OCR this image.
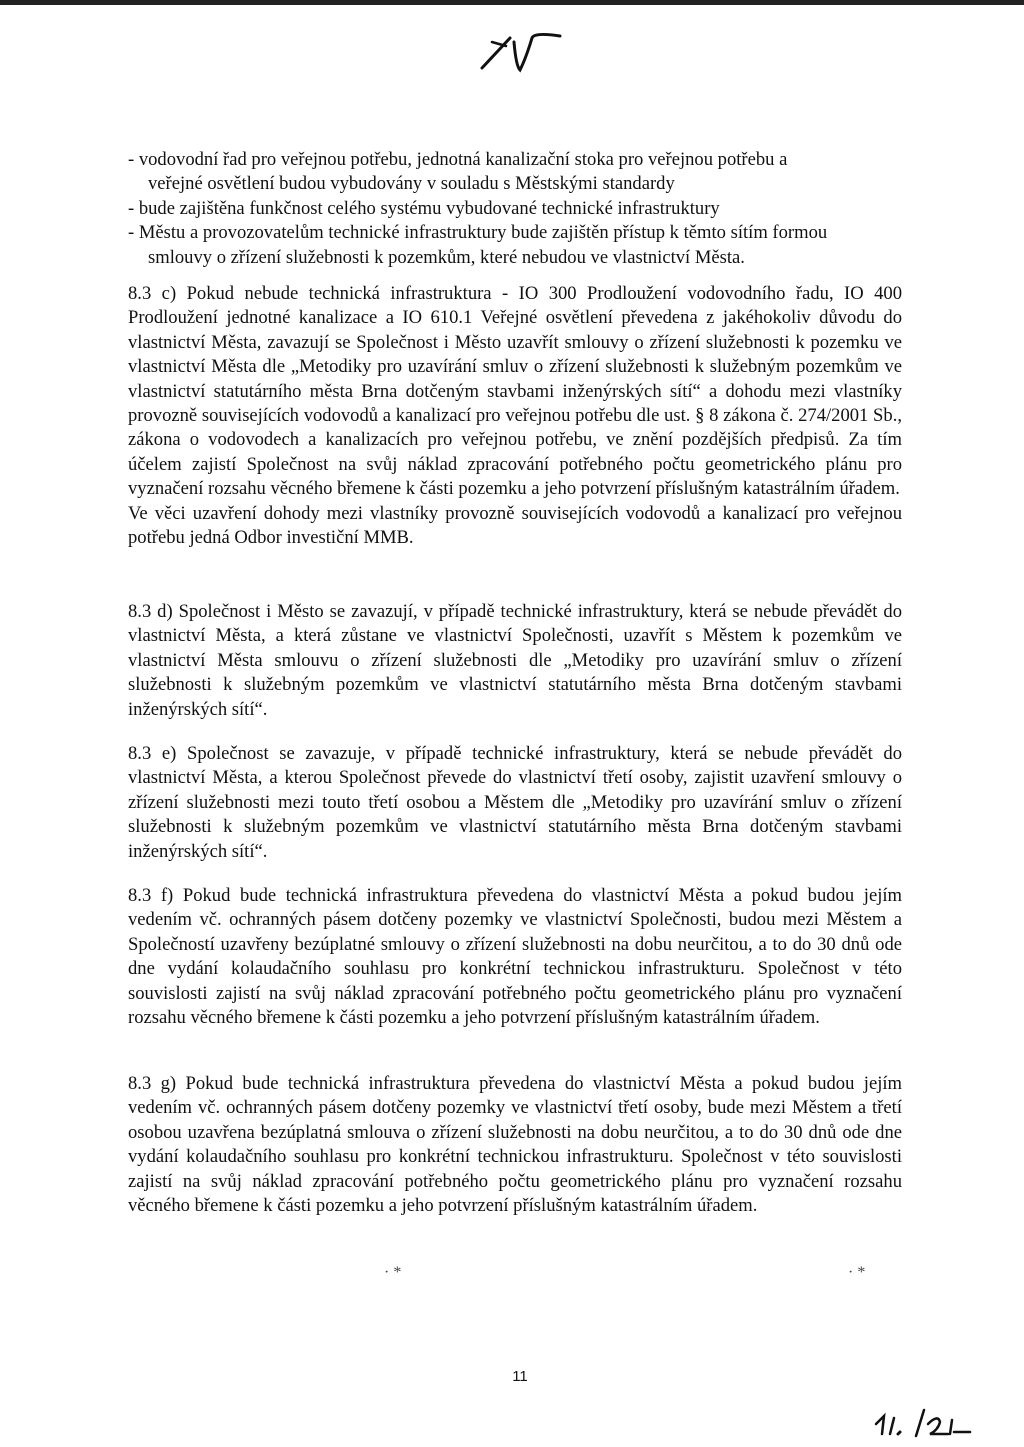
- vodovodní řad pro veřejnou potřebu, jednotná kanalizační stoka pro veřejnou potřebu a

veřejné osvětlení budou vybudovány v souladu s Městskými standardy

- bude zajištěna funkčnost celého systému vybudované technické infrastruktury

- Městu a provozovatelům technické infrastruktury bude zajištěn přístup k těmto sítím formou

smlouvy o zřízení služebnosti k pozemkům, které nebudou ve vlastnictví Města.

8.3 c) Pokud nebude technická infrastruktura - IO 300 Prodloužení vodovodního řadu, IO 400 Prodloužení jednotné kanalizace a IO 610.1 Veřejné osvětlení převedena z jakéhokoliv důvodu do vlastnictví Města, zavazují se Společnost i Město uzavřít smlouvy o zřízení služebnosti k pozemku ve vlastnictví Města dle „Metodiky pro uzavírání smluv o zřízení služebnosti k služebným pozemkům ve vlastnictví statutárního města Brna dotčeným stavbami inženýrských sítí“ a dohodu mezi vlastníky provozně souvisejících vodovodů a kanalizací pro veřejnou potřebu dle ust. § 8 zákona č. 274/2001 Sb., zákona o vodovodech a kanalizacích pro veřejnou potřebu, ve znění pozdějších předpisů. Za tím účelem zajistí Společnost na svůj náklad zpracování potřebného počtu geometrického plánu pro vyznačení rozsahu věcného břemene k části pozemku a jeho potvrzení příslušným katastrálním úřadem.

Ve věci uzavření dohody mezi vlastníky provozně souvisejících vodovodů a kanalizací pro veřejnou potřebu jedná Odbor investiční MMB.

8.3 d) Společnost i Město se zavazují, v případě technické infrastruktury, která se nebude převádět do vlastnictví Města, a která zůstane ve vlastnictví Společnosti, uzavřít s Městem k pozemkům ve vlastnictví Města smlouvu o zřízení služebnosti dle „Metodiky pro uzavírání smluv o zřízení služebnosti k služebným pozemkům ve vlastnictví statutárního města Brna dotčeným stavbami inženýrských sítí“.

8.3 e) Společnost se zavazuje, v případě technické infrastruktury, která se nebude převádět do vlastnictví Města, a kterou Společnost převede do vlastnictví třetí osoby, zajistit uzavření smlouvy o zřízení služebnosti mezi touto třetí osobou a Městem dle „Metodiky pro uzavírání smluv o zřízení služebnosti k služebným pozemkům ve vlastnictví statutárního města Brna dotčeným stavbami inženýrských sítí“.

8.3 f) Pokud bude technická infrastruktura převedena do vlastnictví Města a pokud budou jejím vedením vč. ochranných pásem dotčeny pozemky ve vlastnictví Společnosti, budou mezi Městem a Společností uzavřeny bezúplatné smlouvy o zřízení služebnosti na dobu neurčitou, a to do 30 dnů ode dne vydání kolaudačního souhlasu pro konkrétní technickou infrastrukturu. Společnost v této souvislosti zajistí na svůj náklad zpracování potřebného počtu geometrického plánu pro vyznačení rozsahu věcného břemene k části pozemku a jeho potvrzení příslušným katastrálním úřadem.

8.3 g) Pokud bude technická infrastruktura převedena do vlastnictví Města a pokud budou jejím vedením vč. ochranných pásem dotčeny pozemky ve vlastnictví třetí osoby, bude mezi Městem a třetí osobou uzavřena bezúplatná smlouva o zřízení služebnosti na dobu neurčitou, a to do 30 dnů ode dne vydání kolaudačního souhlasu pro konkrétní technickou infrastrukturu. Společnost v této souvislosti zajistí na svůj náklad zpracování potřebného počtu geometrického plánu pro vyznačení rozsahu věcného břemene k části pozemku a jeho potvrzení příslušným katastrálním úřadem.

· *	· *
11
